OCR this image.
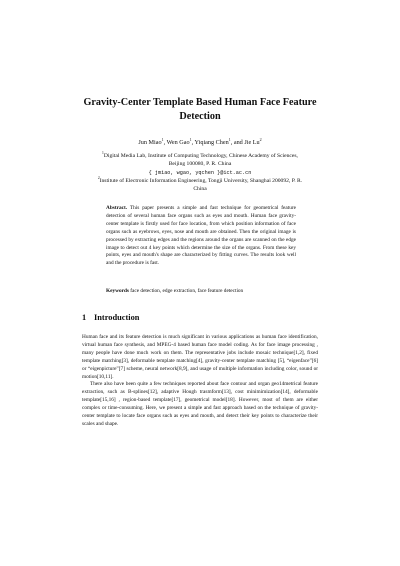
Gravity-Center Template Based Human Face Feature
Detection
Jun Miao$^1$, Wen Gao$^1$, Yiqiang Chen$^1$, and Jie Lu$^2$
$^1$Digital Media Lab, Institute of Computing Technology, Chinese Academy of Sciences,
Beijing 100080, P. R. China
{ jmiao, wgao, yqchen }@ict.ac.cn
$^2$Institute of Electronic Information Engineering, Tongji University, Shanghai 200092, P. R.
China
Abstract. This paper presents a simple and fast technique for geometrical feature detection of several human face organs such as eyes and mouth. Human face gravity-center template is firstly used for face location, from which position information of face organs such as eyebrows, eyes, nose and mouth are obtained. Then the original image is processed by extracting edges and the regions around the organs are scanned on the edge image to detect out 4 key points which determine the size of the organs. From these key points, eyes and mouth's shape are characterized by fitting curves. The results look well and the procedure is fast.
Keywords face detection, edge extraction, face feature detection
1 Introduction

Human face and its feature detection is much significant in various applications as human face identification, virtual human face synthesis, and MPEG-4 based human face model coding. As for face image processing , many people have done much work on them. The representative jobs include mosaic technique[1,2], fixed template matching[3], deformable template matching[4], gravity-center template matching [5], “eigenface”[6] or “eigenpicture”[7] scheme, neural network[8,9], and usage of multiple information including color, sound or motion[10,11].

There also have been quite a few techniques reported about face contour and organ geo14metrical feature extraction, such as B-splines[12], adaptive Hough trasmform[13], cost minimimization[14], deformable template[15,16] , region-based template[17], geometrical model[18]. However, most of them are either complex or time-consuming. Here, we present a simple and fast approach based on the technique of gravity-center template to locate face organs such as eyes and mouth, and detect their key points to characterize their scales and shape.
